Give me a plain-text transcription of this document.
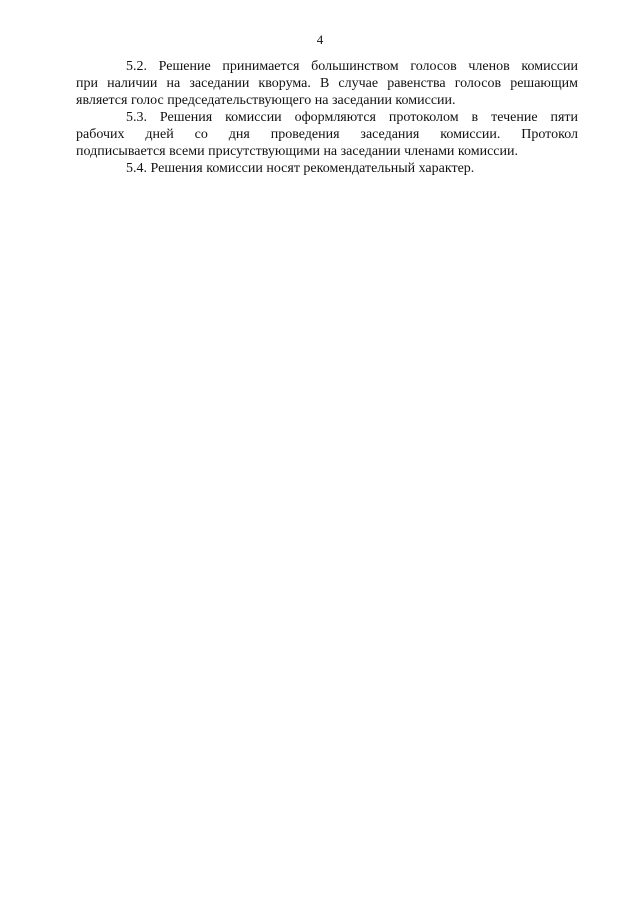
4
5.2. Решение принимается большинством голосов членов комиссии
при наличии на заседании кворума. В случае равенства голосов решающим
является голос председательствующего на заседании комиссии.
5.3. Решения комиссии оформляются протоколом в течение пяти
рабочих дней со дня проведения заседания комиссии. Протокол
подписывается всеми присутствующими на заседании членами комиссии.
5.4. Решения комиссии носят рекомендательный характер.
